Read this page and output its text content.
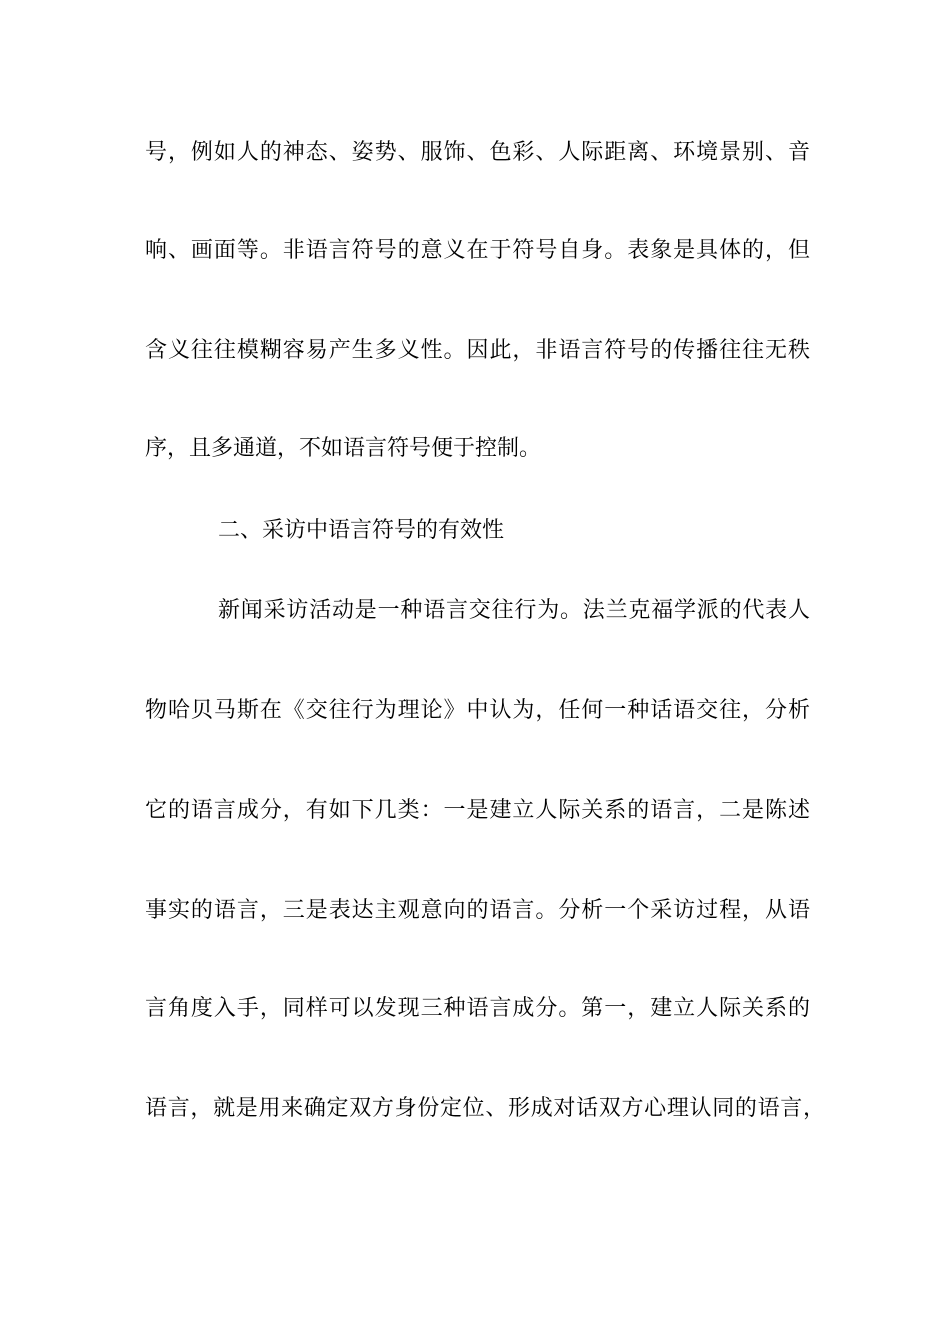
号，例如人的神态、姿势、服饰、色彩、人际距离、环境景别、音
响、画面等。非语言符号的意义在于符号自身。表象是具体的，但
含义往往模糊容易产生多义性。因此，非语言符号的传播往往无秩
序，且多通道，不如语言符号便于控制。
二、采访中语言符号的有效性
新闻采访活动是一种语言交往行为。法兰克福学派的代表人
物哈贝马斯在《交往行为理论》中认为，任何一种话语交往，分析
它的语言成分，有如下几类：一是建立人际关系的语言，二是陈述
事实的语言，三是表达主观意向的语言。分析一个采访过程，从语
言角度入手，同样可以发现三种语言成分。第一，建立人际关系的
语言，就是用来确定双方身份定位、形成对话双方心理认同的语言，
